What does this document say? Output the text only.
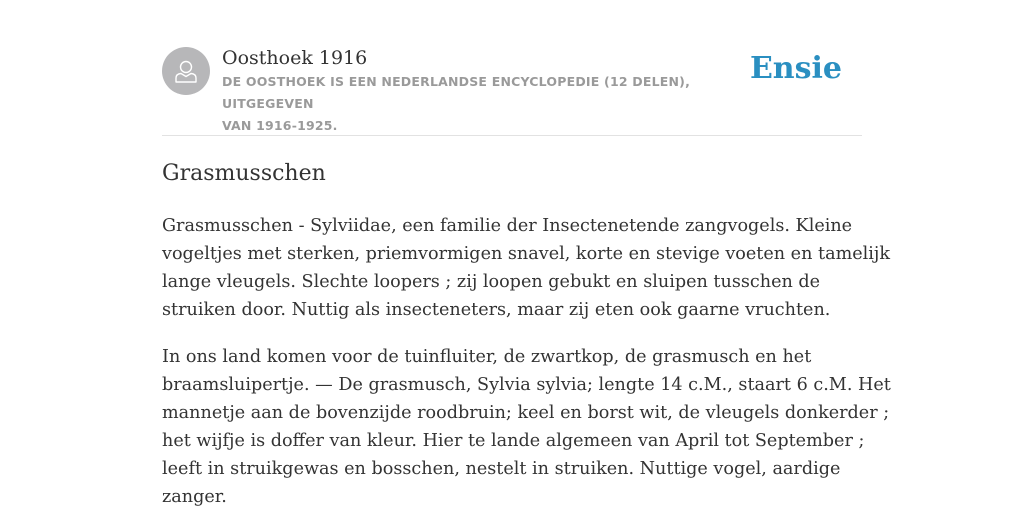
Oosthoek 1916
DE OOSTHOEK IS EEN NEDERLANDSE ENCYCLOPEDIE (12 DELEN), UITGEGEVEN
VAN 1916-1925.
Ensie
Grasmusschen

Grasmusschen - Sylviidae, een familie der Insectenetende zangvogels. Kleine
vogeltjes met sterken, priemvormigen snavel, korte en stevige voeten en tamelijk
lange vleugels. Slechte loopers ; zij loopen gebukt en sluipen tusschen de
struiken door. Nuttig als insecteneters, maar zij eten ook gaarne vruchten.

In ons land komen voor de tuinfluiter, de zwartkop, de grasmusch en het
braamsluipertje. — De grasmusch, Sylvia sylvia; lengte 14 c.M., staart 6 c.M. Het
mannetje aan de bovenzijde roodbruin; keel en borst wit, de vleugels donkerder ;
het wijfje is doffer van kleur. Hier te lande algemeen van April tot September ;
leeft in struikgewas en bosschen, nestelt in struiken. Nuttige vogel, aardige
zanger.
